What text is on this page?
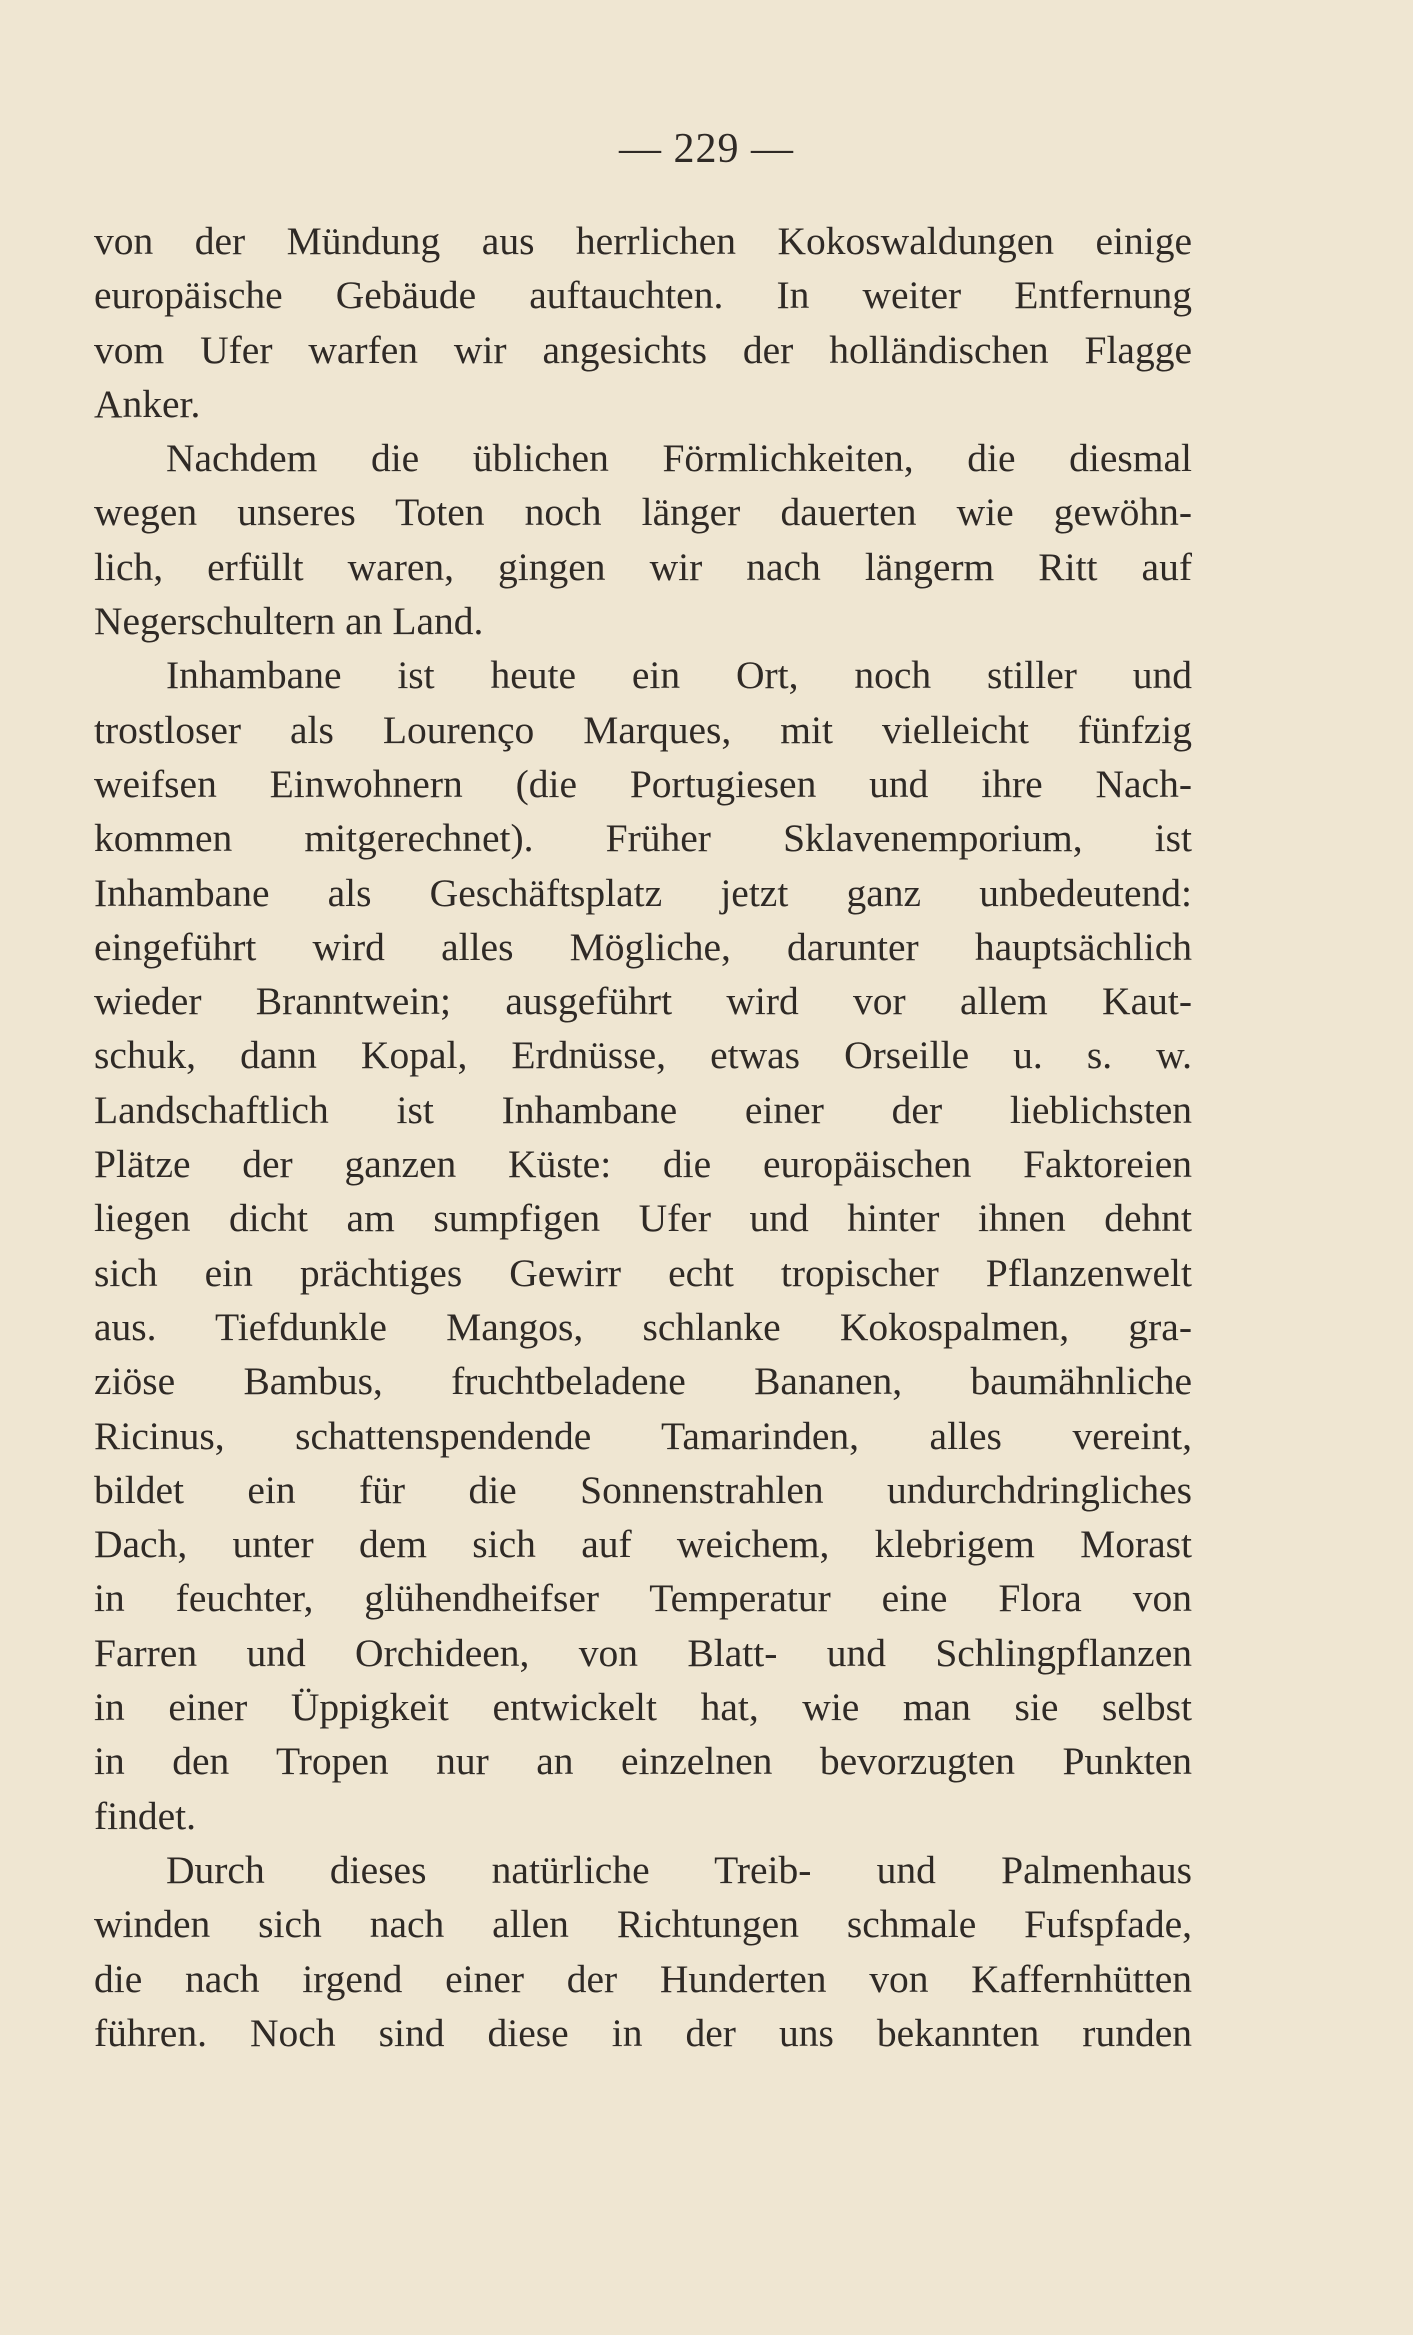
— 229 —
von der Mündung aus herrlichen Kokoswaldungen einige
europäische Gebäude auftauchten. In weiter Entfernung
vom Ufer warfen wir angesichts der holländischen Flagge
Anker.
Nachdem die üblichen Förmlichkeiten, die diesmal
wegen unseres Toten noch länger dauerten wie gewöhn-
lich, erfüllt waren, gingen wir nach längerm Ritt auf
Negerschultern an Land.
Inhambane ist heute ein Ort, noch stiller und
trostloser als Lourenço Marques, mit vielleicht fünfzig
weifsen Einwohnern (die Portugiesen und ihre Nach-
kommen mitgerechnet). Früher Sklavenemporium, ist
Inhambane als Geschäftsplatz jetzt ganz unbedeutend:
eingeführt wird alles Mögliche, darunter hauptsächlich
wieder Branntwein; ausgeführt wird vor allem Kaut-
schuk, dann Kopal, Erdnüsse, etwas Orseille u. s. w.
Landschaftlich ist Inhambane einer der lieblichsten
Plätze der ganzen Küste: die europäischen Faktoreien
liegen dicht am sumpfigen Ufer und hinter ihnen dehnt
sich ein prächtiges Gewirr echt tropischer Pflanzenwelt
aus. Tiefdunkle Mangos, schlanke Kokospalmen, gra-
ziöse Bambus, fruchtbeladene Bananen, baumähnliche
Ricinus, schattenspendende Tamarinden, alles vereint,
bildet ein für die Sonnenstrahlen undurchdringliches
Dach, unter dem sich auf weichem, klebrigem Morast
in feuchter, glühendheifser Temperatur eine Flora von
Farren und Orchideen, von Blatt- und Schlingpflanzen
in einer Üppigkeit entwickelt hat, wie man sie selbst
in den Tropen nur an einzelnen bevorzugten Punkten
findet.
Durch dieses natürliche Treib- und Palmenhaus
winden sich nach allen Richtungen schmale Fufspfade,
die nach irgend einer der Hunderten von Kaffernhütten
führen. Noch sind diese in der uns bekannten runden
